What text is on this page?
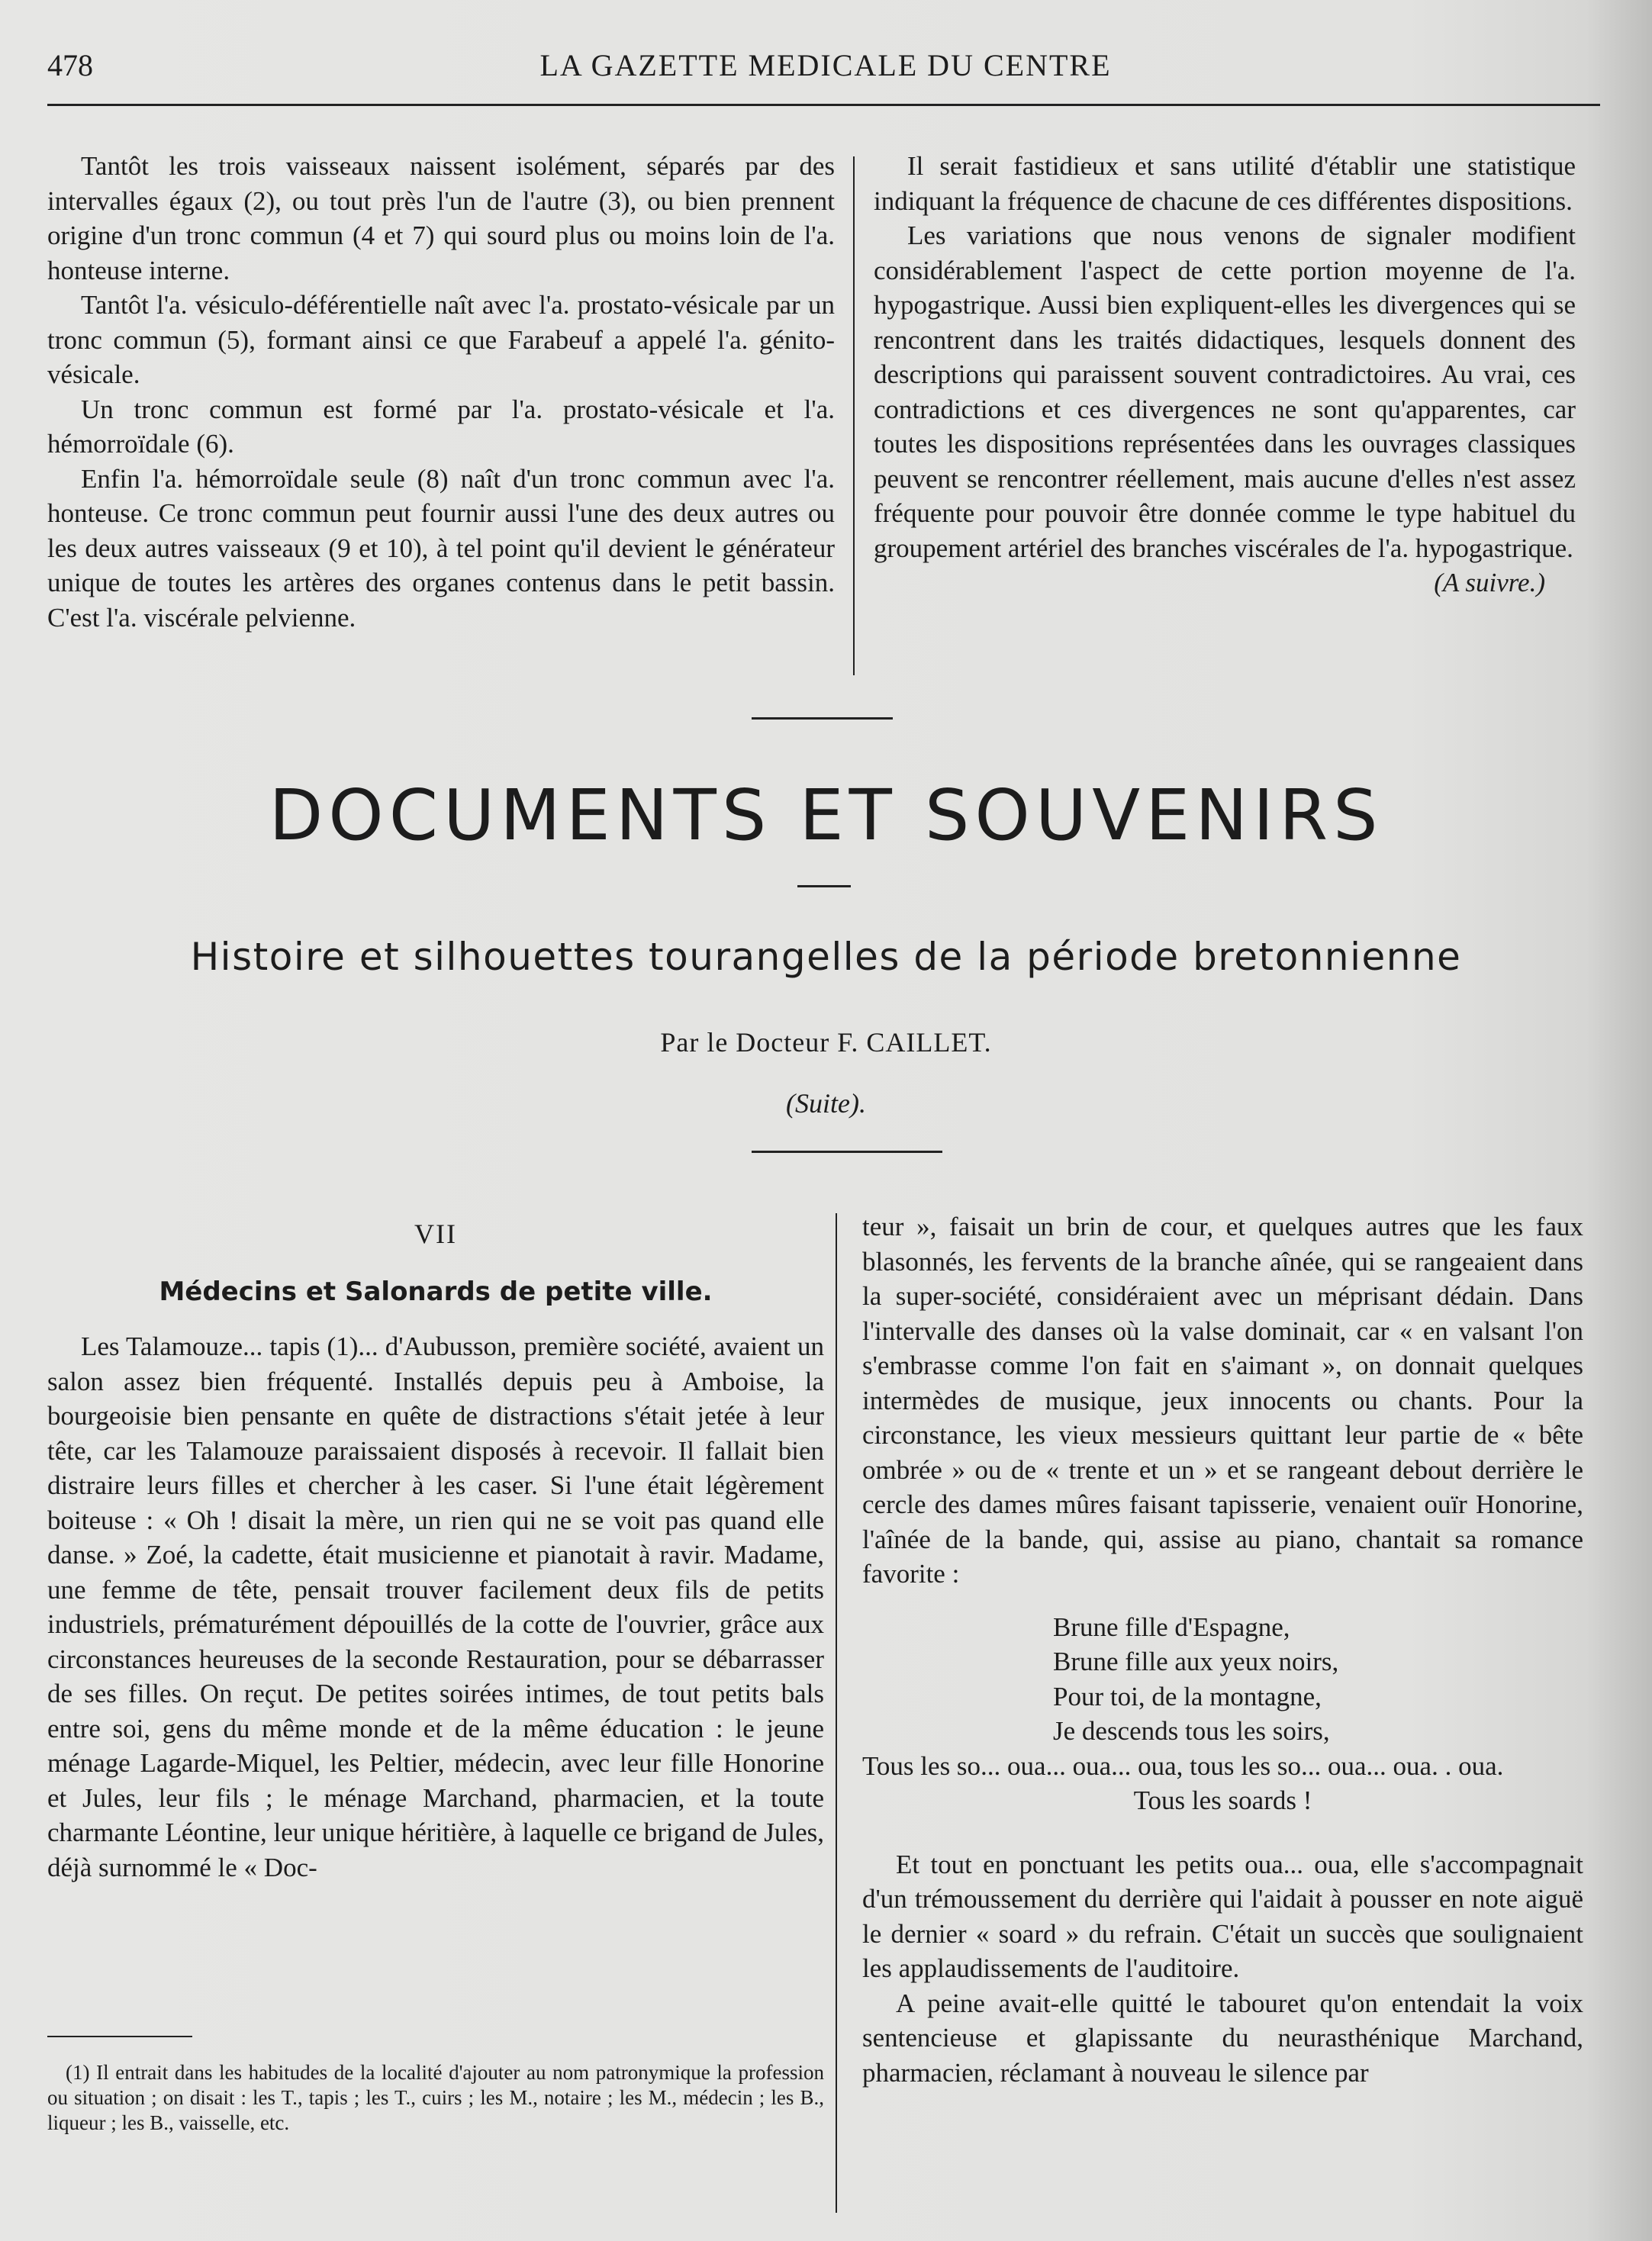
478	LA GAZETTE MEDICALE DU CENTRE

Tantôt les trois vaisseaux naissent isolément, séparés par des intervalles égaux (2), ou tout près l'un de l'autre (3), ou bien prennent origine d'un tronc commun (4 et 7) qui sourd plus ou moins loin de l'a. honteuse interne.

Tantôt l'a. vésiculo-déférentielle naît avec l'a. prostato-vésicale par un tronc commun (5), formant ainsi ce que Farabeuf a appelé l'a. génito-vésicale.

Un tronc commun est formé par l'a. prostato-vésicale et l'a. hémorroïdale (6).

Enfin l'a. hémorroïdale seule (8) naît d'un tronc commun avec l'a. honteuse. Ce tronc commun peut fournir aussi l'une des deux autres ou les deux autres vaisseaux (9 et 10), à tel point qu'il devient le générateur unique de toutes les artères des organes contenus dans le petit bassin. C'est l'a. viscérale pelvienne.

Il serait fastidieux et sans utilité d'établir une statistique indiquant la fréquence de chacune de ces différentes dispositions.

Les variations que nous venons de signaler modifient considérablement l'aspect de cette portion moyenne de l'a. hypogastrique. Aussi bien expliquent-elles les divergences qui se rencontrent dans les traités didactiques, lesquels donnent des descriptions qui paraissent souvent contradictoires. Au vrai, ces contradictions et ces divergences ne sont qu'apparentes, car toutes les dispositions représentées dans les ouvrages classiques peuvent se rencontrer réellement, mais aucune d'elles n'est assez fréquente pour pouvoir être donnée comme le type habituel du groupement artériel des branches viscérales de l'a. hypogastrique.

(A suivre.)

DOCUMENTS ET SOUVENIRS
Histoire et silhouettes tourangelles de la période bretonnienne
Par le Docteur F. CAILLET.
(Suite).
VII
Médecins et Salonards de petite ville.

Les Talamouze... tapis (1)... d'Aubusson, première société, avaient un salon assez bien fréquenté. Installés depuis peu à Amboise, la bourgeoisie bien pensante en quête de distractions s'était jetée à leur tête, car les Talamouze paraissaient disposés à recevoir. Il fallait bien distraire leurs filles et chercher à les caser. Si l'une était légèrement boiteuse : « Oh ! disait la mère, un rien qui ne se voit pas quand elle danse. » Zoé, la cadette, était musicienne et pianotait à ravir. Madame, une femme de tête, pensait trouver facilement deux fils de petits industriels, prématurément dépouillés de la cotte de l'ouvrier, grâce aux circonstances heureuses de la seconde Restauration, pour se débarrasser de ses filles. On reçut. De petites soirées intimes, de tout petits bals entre soi, gens du même monde et de la même éducation : le jeune ménage Lagarde-Miquel, les Peltier, médecin, avec leur fille Honorine et Jules, leur fils ; le ménage Marchand, pharmacien, et la toute charmante Léontine, leur unique héritière, à laquelle ce brigand de Jules, déjà surnommé le « Doc-

(1) Il entrait dans les habitudes de la localité d'ajouter au nom patronymique la profession ou situation ; on disait : les T., tapis ; les T., cuirs ; les M., notaire ; les M., médecin ; les B., liqueur ; les B., vaisselle, etc.

teur », faisait un brin de cour, et quelques autres que les faux blasonnés, les fervents de la branche aînée, qui se rangeaient dans la super-société, considéraient avec un méprisant dédain. Dans l'intervalle des danses où la valse dominait, car « en valsant l'on s'embrasse comme l'on fait en s'aimant », on donnait quelques intermèdes de musique, jeux innocents ou chants. Pour la circonstance, les vieux messieurs quittant leur partie de « bête ombrée » ou de « trente et un » et se rangeant debout derrière le cercle des dames mûres faisant tapisserie, venaient ouïr Honorine, l'aînée de la bande, qui, assise au piano, chantait sa romance favorite :

Brune fille d'Espagne,
Brune fille aux yeux noirs,
Pour toi, de la montagne,
Je descends tous les soirs,
Tous les so... oua... oua... oua, tous les so... oua... oua. . oua.
Tous les soards !

Et tout en ponctuant les petits oua... oua, elle s'accompagnait d'un trémoussement du derrière qui l'aidait à pousser en note aiguë le dernier « soard » du refrain. C'était un succès que soulignaient les applaudissements de l'auditoire.

A peine avait-elle quitté le tabouret qu'on entendait la voix sentencieuse et glapissante du neurasthénique Marchand, pharmacien, réclamant à nouveau le silence par
